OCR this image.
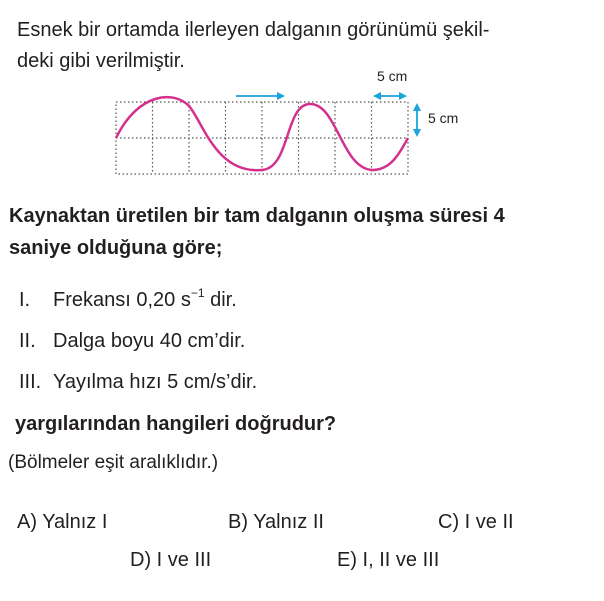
Esnek bir ortamda ilerleyen dalganın görünümü şekil-
deki gibi verilmiştir.
5 cm
5 cm
Kaynaktan üretilen bir tam dalganın oluşma süresi 4
saniye olduğuna göre;
I. Frekansı 0,20 $s^{-1}$ dir.
II. Dalga boyu 40 cm’dir.
III. Yayılma hızı 5 cm/s’dir.
yargılarından hangileri doğrudur?
(Bölmeler eşit aralıklıdır.)
A) Yalnız I	B) Yalnız II	C) I ve II
D) I ve III	E) I, II ve III
